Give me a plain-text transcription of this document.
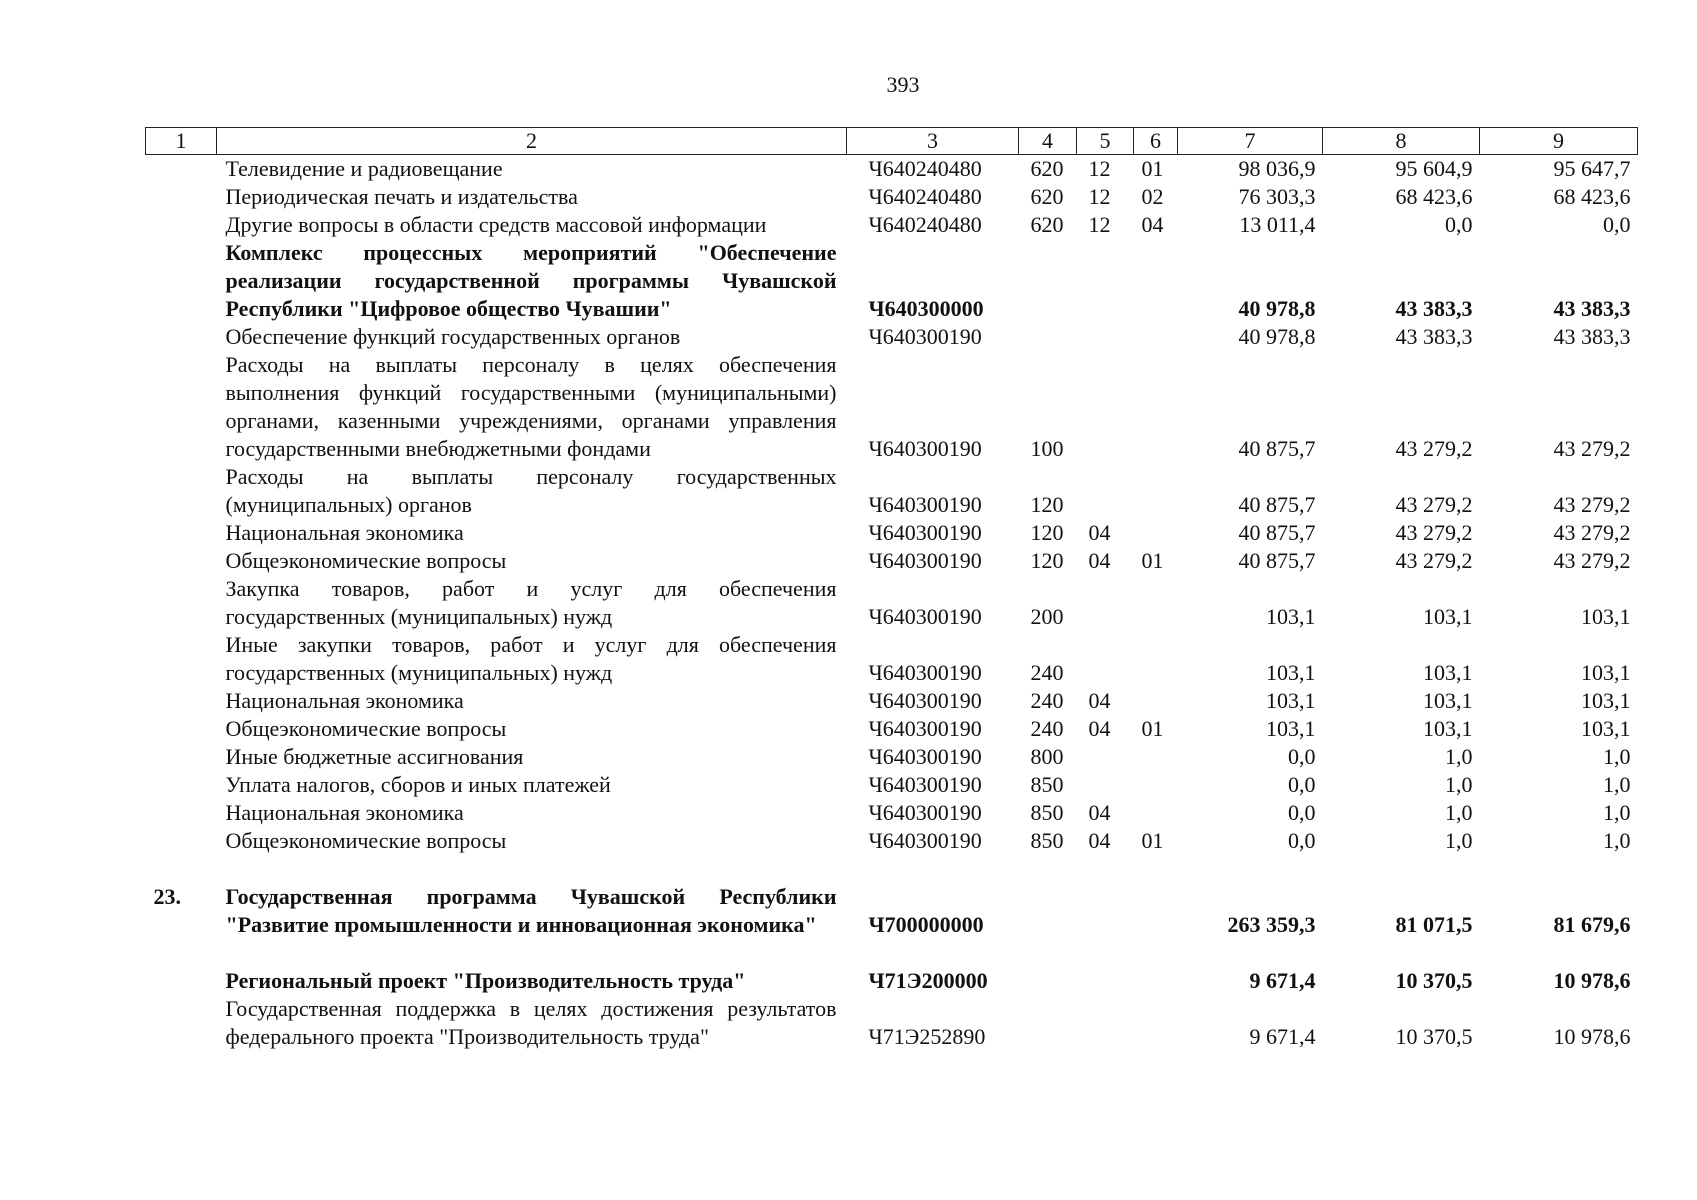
393
1	2	3	4	5	6	7	8	9
	Телевидение и радиовещание	Ч640240480	620	12	01	98 036,9	95 604,9	95 647,7
	Периодическая печать и издательства	Ч640240480	620	12	02	76 303,3	68 423,6	68 423,6
	Другие вопросы в области средств массовой информации	Ч640240480	620	12	04	13 011,4	0,0	0,0
	Комплекс процессных мероприятий "Обеспечение реализации государственной программы Чувашской Республики "Цифровое общество Чувашии"	Ч640300000				40 978,8	43 383,3	43 383,3
	Обеспечение функций государственных органов	Ч640300190				40 978,8	43 383,3	43 383,3
	Расходы на выплаты персоналу в целях обеспечения выполнения функций государственными (муниципальными) органами, казенными учреждениями, органами управления государственными внебюджетными фондами	Ч640300190	100			40 875,7	43 279,2	43 279,2
	Расходы на выплаты персоналу государственных (муниципальных) органов	Ч640300190	120			40 875,7	43 279,2	43 279,2
	Национальная экономика	Ч640300190	120	04		40 875,7	43 279,2	43 279,2
	Общеэкономические вопросы	Ч640300190	120	04	01	40 875,7	43 279,2	43 279,2
	Закупка товаров, работ и услуг для обеспечения государственных (муниципальных) нужд	Ч640300190	200			103,1	103,1	103,1
	Иные закупки товаров, работ и услуг для обеспечения государственных (муниципальных) нужд	Ч640300190	240			103,1	103,1	103,1
	Национальная экономика	Ч640300190	240	04		103,1	103,1	103,1
	Общеэкономические вопросы	Ч640300190	240	04	01	103,1	103,1	103,1
	Иные бюджетные ассигнования	Ч640300190	800			0,0	1,0	1,0
	Уплата налогов, сборов и иных платежей	Ч640300190	850			0,0	1,0	1,0
	Национальная экономика	Ч640300190	850	04		0,0	1,0	1,0
	Общеэкономические вопросы	Ч640300190	850	04	01	0,0	1,0	1,0

23.	Государственная программа Чувашской Республики "Развитие промышленности и инновационная экономика"	Ч700000000				263 359,3	81 071,5	81 679,6

	Региональный проект "Производительность труда"	Ч71Э200000				9 671,4	10 370,5	10 978,6
	Государственная поддержка в целях достижения результатов федерального проекта "Производительность труда"	Ч71Э252890				9 671,4	10 370,5	10 978,6
